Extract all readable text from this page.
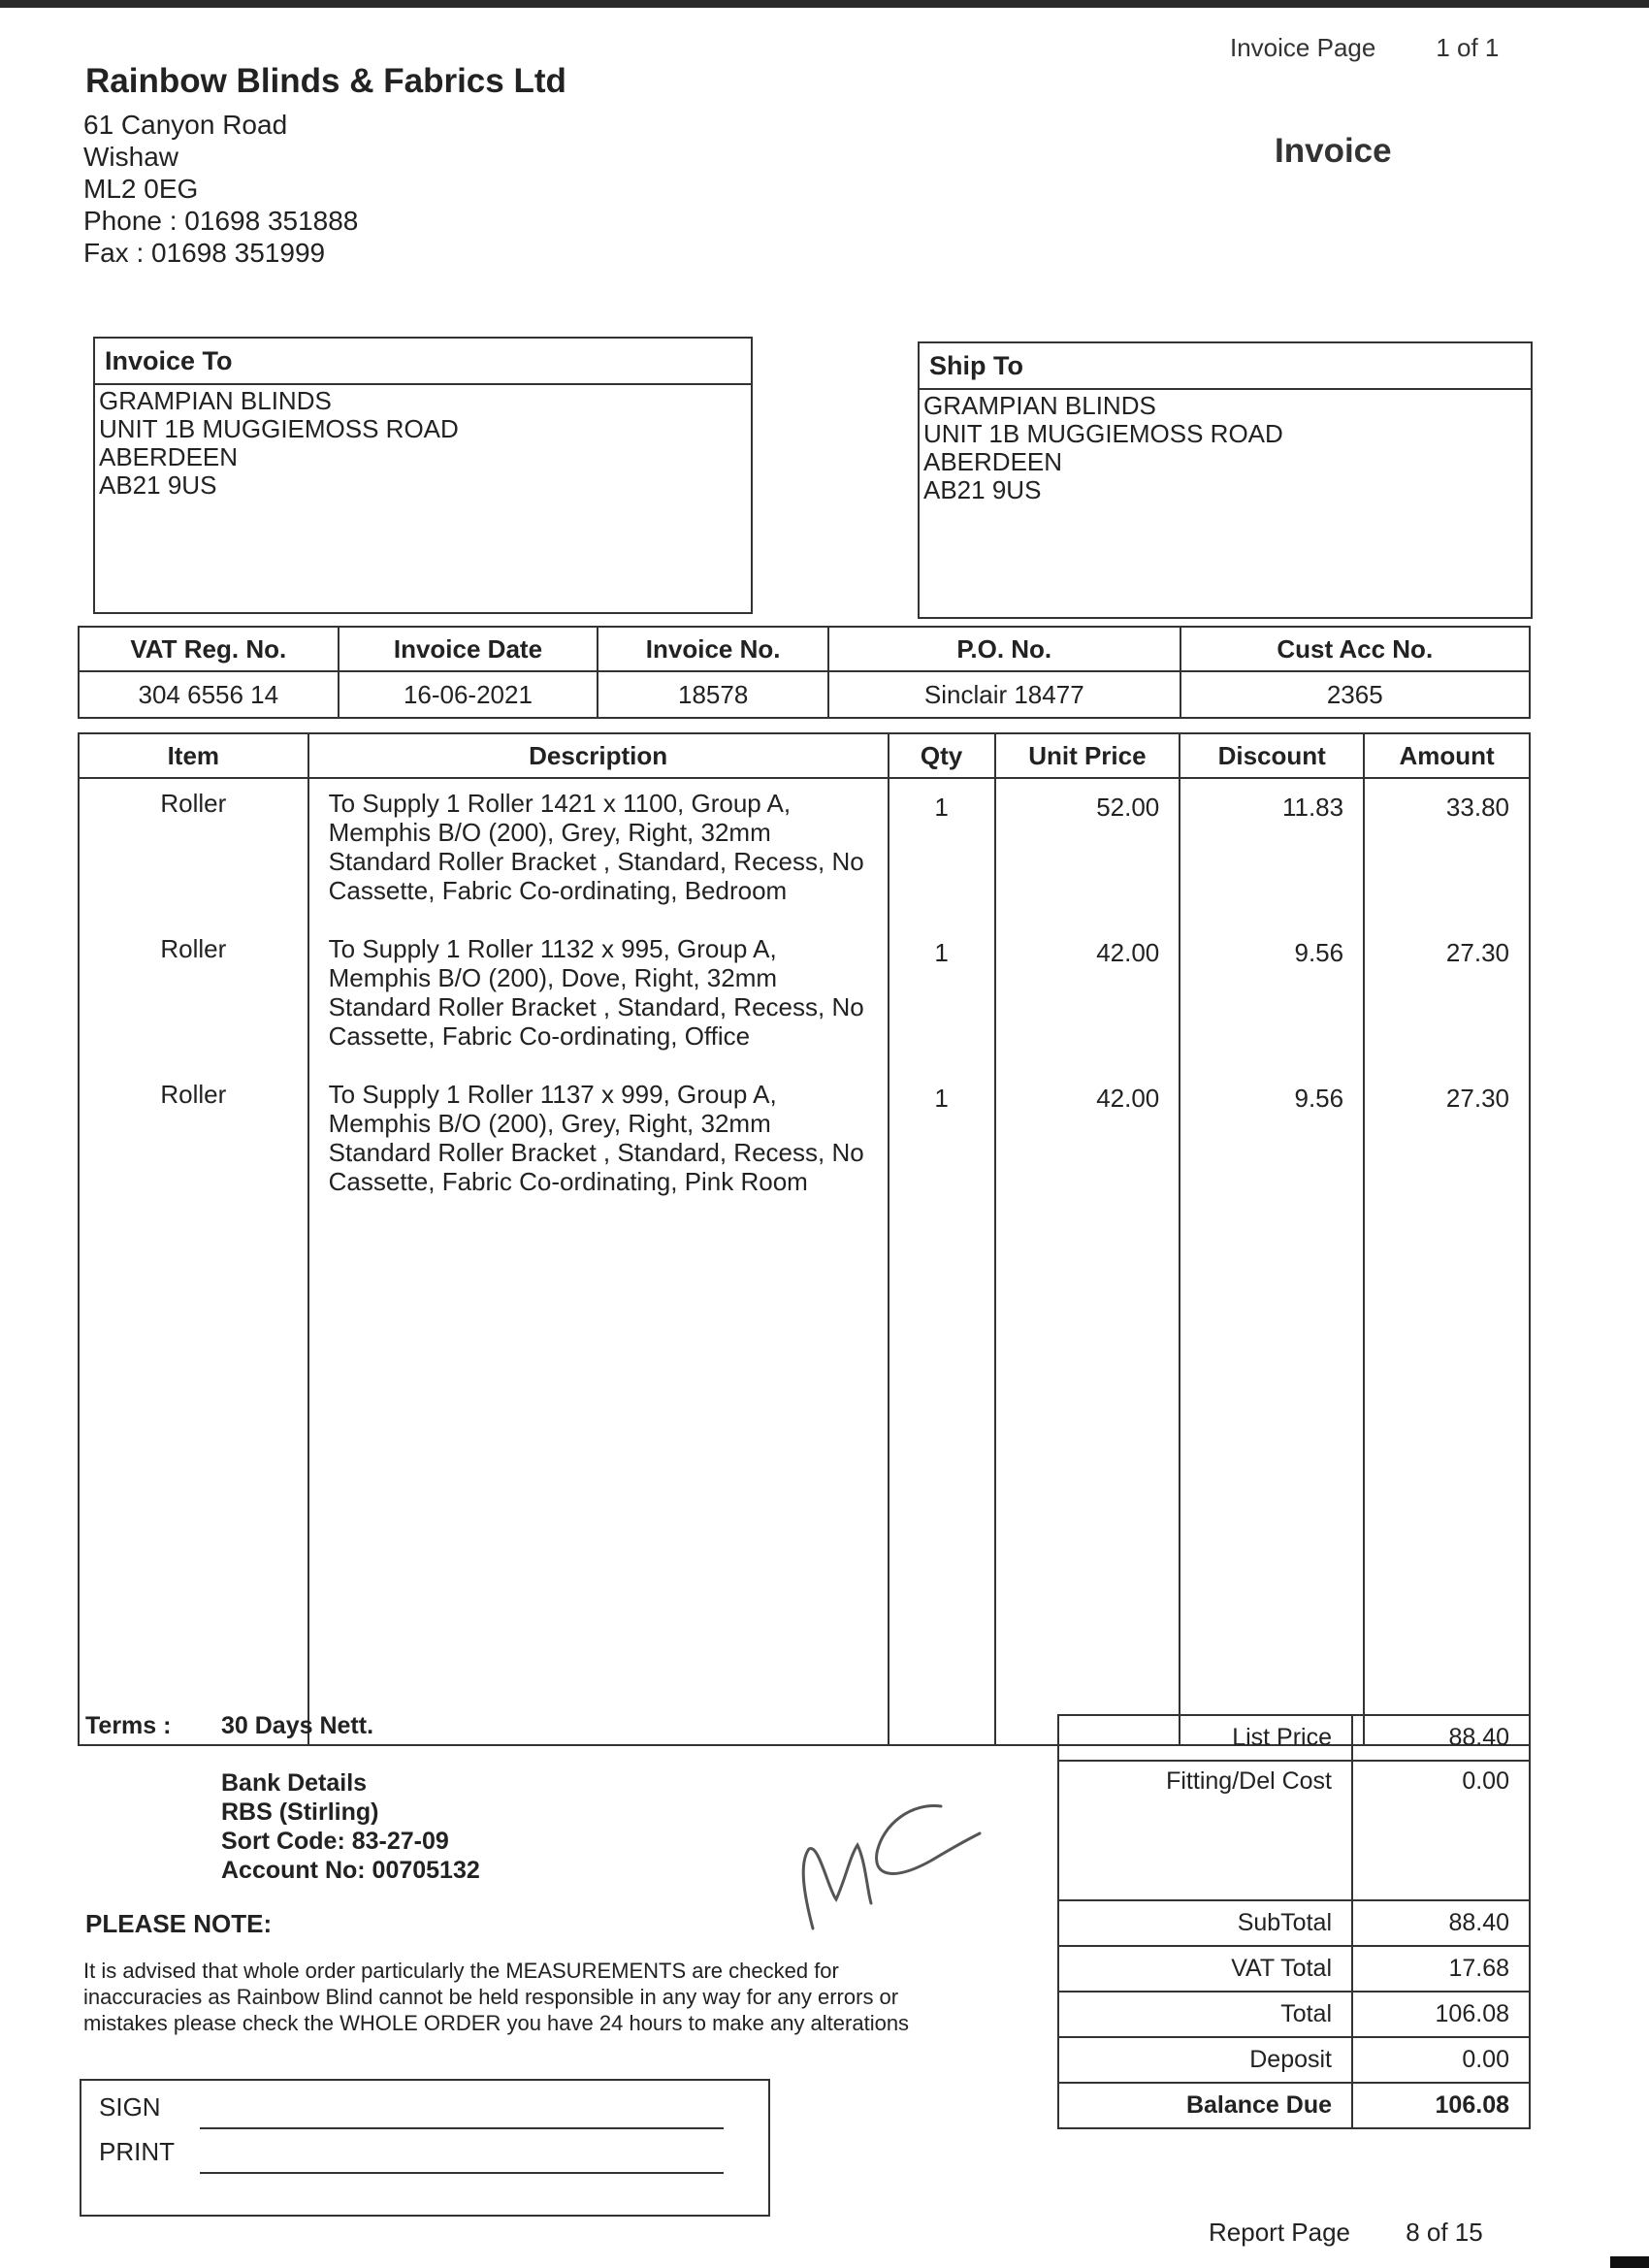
Invoice Page 1 of 1
Rainbow Blinds & Fabrics Ltd
61 Canyon Road
Wishaw
ML2 0EG
Phone : 01698 351888
Fax : 01698 351999
Invoice
Invoice To
GRAMPIAN BLINDS
UNIT 1B MUGGIEMOSS ROAD
ABERDEEN
AB21 9US
Ship To
GRAMPIAN BLINDS
UNIT 1B MUGGIEMOSS ROAD
ABERDEEN
AB21 9US
VAT Reg. No.	Invoice Date	Invoice No.	P.O. No.	Cust Acc No.
304 6556 14	16-06-2021	18578	Sinclair 18477	2365
Item	Description	Qty	Unit Price	Discount	Amount
Roller	To Supply 1 Roller 1421 x 1100, Group A,
Memphis B/O (200), Grey, Right, 32mm
Standard Roller Bracket , Standard, Recess, No
Cassette, Fabric Co-ordinating, Bedroom	1	52.00	11.83	33.80
Roller	To Supply 1 Roller 1132 x 995, Group A,
Memphis B/O (200), Dove, Right, 32mm
Standard Roller Bracket , Standard, Recess, No
Cassette, Fabric Co-ordinating, Office	1	42.00	9.56	27.30
Roller	To Supply 1 Roller 1137 x 999, Group A,
Memphis B/O (200), Grey, Right, 32mm
Standard Roller Bracket , Standard, Recess, No
Cassette, Fabric Co-ordinating, Pink Room	1	42.00	9.56	27.30

Terms : 30 Days Nett.
Bank Details
RBS (Stirling)
Sort Code: 83-27-09
Account No: 00705132
PLEASE NOTE:
It is advised that whole order particularly the MEASUREMENTS are checked for
inaccuracies as Rainbow Blind cannot be held responsible in any way for any errors or
mistakes please check the WHOLE ORDER you have 24 hours to make any alterations
SIGN
PRINT
List Price	88.40
Fitting/Del Cost	0.00
SubTotal	88.40
VAT Total	17.68
Total	106.08
Deposit	0.00
Balance Due	106.08
Report Page 8 of 15
